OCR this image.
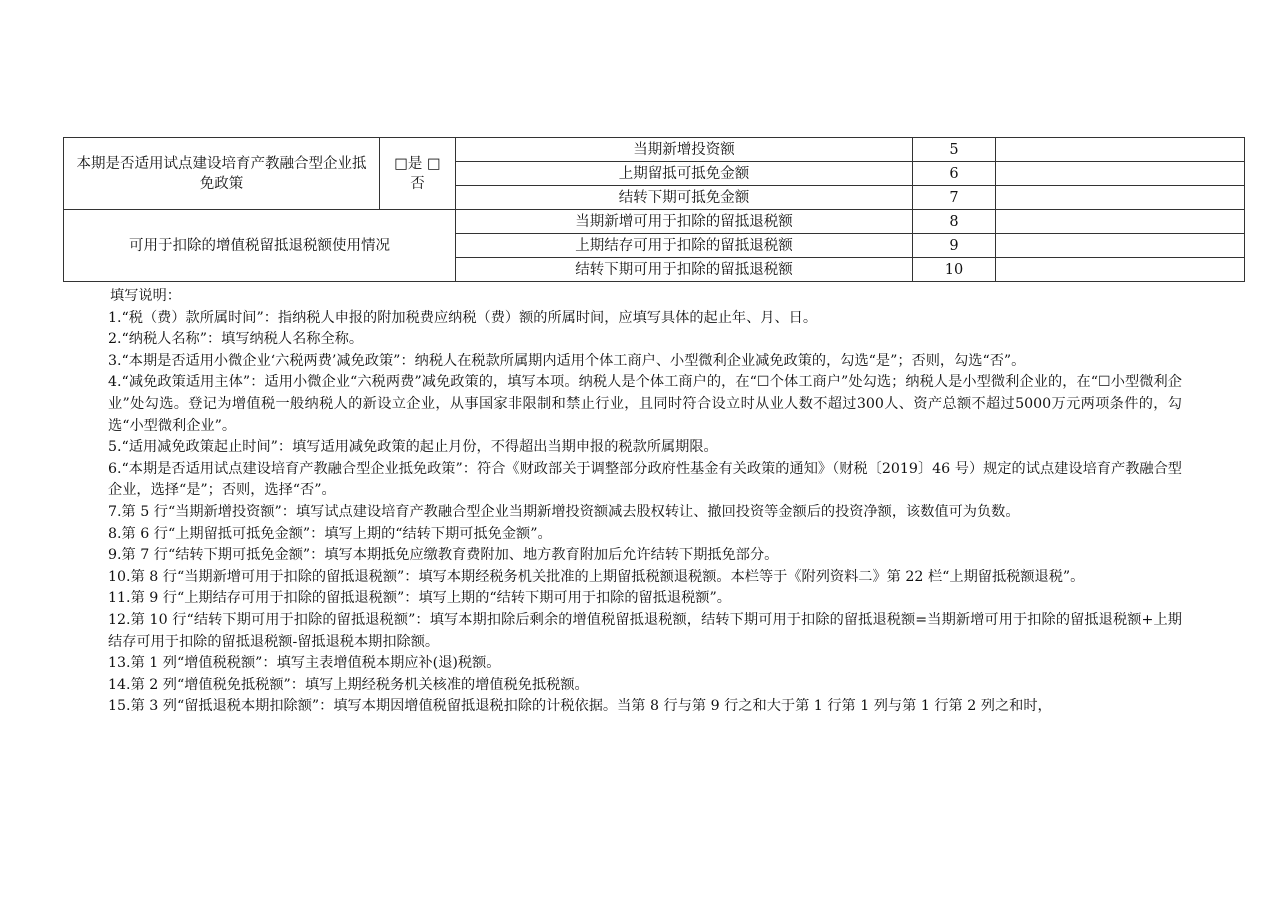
本期是否适用试点建设培育产教融合型企业抵免政策	□是 □否	当期新增投资额	5	
		上期留抵可抵免金额	6	
		结转下期可抵免金额	7	
可用于扣除的增值税留抵退税额使用情况		当期新增可用于扣除的留抵退税额	8	
		上期结存可用于扣除的留抵退税额	9	
		结转下期可用于扣除的留抵退税额	10	

填写说明：

1.“税（费）款所属时间”：指纳税人申报的附加税费应纳税（费）额的所属时间，应填写具体的起止年、月、日。

2.“纳税人名称”：填写纳税人名称全称。

3.“本期是否适用小微企业‘六税两费’减免政策”：纳税人在税款所属期内适用个体工商户、小型微利企业减免政策的，勾选“是”；否则，勾选“否”。

4.“减免政策适用主体”：适用小微企业“六税两费”减免政策的，填写本项。纳税人是个体工商户的，在“☐个体工商户”处勾选；纳税人是小型微利企业的，在“☐小型微利企业”处勾选。登记为增值税一般纳税人的新设立企业，从事国家非限制和禁止行业，且同时符合设立时从业人数不超过300人、资产总额不超过5000万元两项条件的，勾选“小型微利企业”。

5.“适用减免政策起止时间”：填写适用减免政策的起止月份，不得超出当期申报的税款所属期限。

6.“本期是否适用试点建设培育产教融合型企业抵免政策”：符合《财政部关于调整部分政府性基金有关政策的通知》（财税〔2019〕46 号）规定的试点建设培育产教融合型企业，选择“是”；否则，选择“否”。

7.第 5 行“当期新增投资额”：填写试点建设培育产教融合型企业当期新增投资额减去股权转让、撤回投资等金额后的投资净额，该数值可为负数。

8.第 6 行“上期留抵可抵免金额”：填写上期的“结转下期可抵免金额”。

9.第 7 行“结转下期可抵免金额”：填写本期抵免应缴教育费附加、地方教育附加后允许结转下期抵免部分。

10.第 8 行“当期新增可用于扣除的留抵退税额”：填写本期经税务机关批准的上期留抵税额退税额。本栏等于《附列资料二》第 22 栏“上期留抵税额退税”。

11.第 9 行“上期结存可用于扣除的留抵退税额”：填写上期的“结转下期可用于扣除的留抵退税额”。

12.第 10 行“结转下期可用于扣除的留抵退税额”：填写本期扣除后剩余的增值税留抵退税额，结转下期可用于扣除的留抵退税额=当期新增可用于扣除的留抵退税额+上期结存可用于扣除的留抵退税额-留抵退税本期扣除额。

13.第 1 列“增值税税额”：填写主表增值税本期应补(退)税额。

14.第 2 列“增值税免抵税额”：填写上期经税务机关核准的增值税免抵税额。

15.第 3 列“留抵退税本期扣除额”：填写本期因增值税留抵退税扣除的计税依据。当第 8 行与第 9 行之和大于第 1 行第 1 列与第 1 行第 2 列之和时，
